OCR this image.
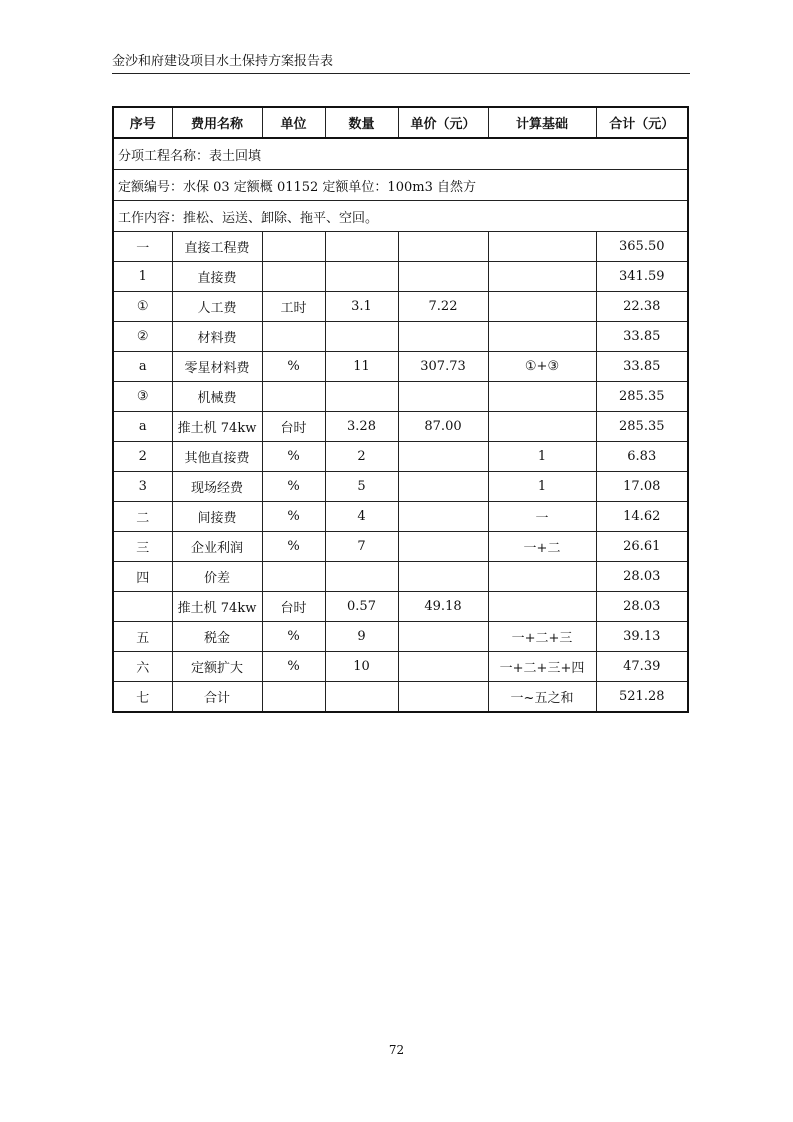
金沙和府建设项目水土保持方案报告表
分项工程名称：表土回填						
定额编号：水保 03 定额概 01152 定额单位：100m3 自然方						
工作内容：推松、运送、卸除、拖平、空回。						
序号	费用名称	单位	数量	单价（元）	计算基础	合计（元）
一	直接工程费					365.50
1	直接费					341.59
①	人工费	工时	3.1	7.22		22.38
②	材料费					33.85
a	零星材料费	%	11	307.73	①+③	33.85
③	机械费					285.35
a	推土机 74kw	台时	3.28	87.00		285.35
2	其他直接费	%	2		1	6.83
3	现场经费	%	5		1	17.08
二	间接费	%	4		一	14.62
三	企业利润	%	7		一+二	26.61
四	价差					28.03
	推土机 74kw	台时	0.57	49.18		28.03
五	税金	%	9		一+二+三	39.13
六	定额扩大	%	10		一+二+三+四	47.39
七	合计				一~五之和	521.28
72
